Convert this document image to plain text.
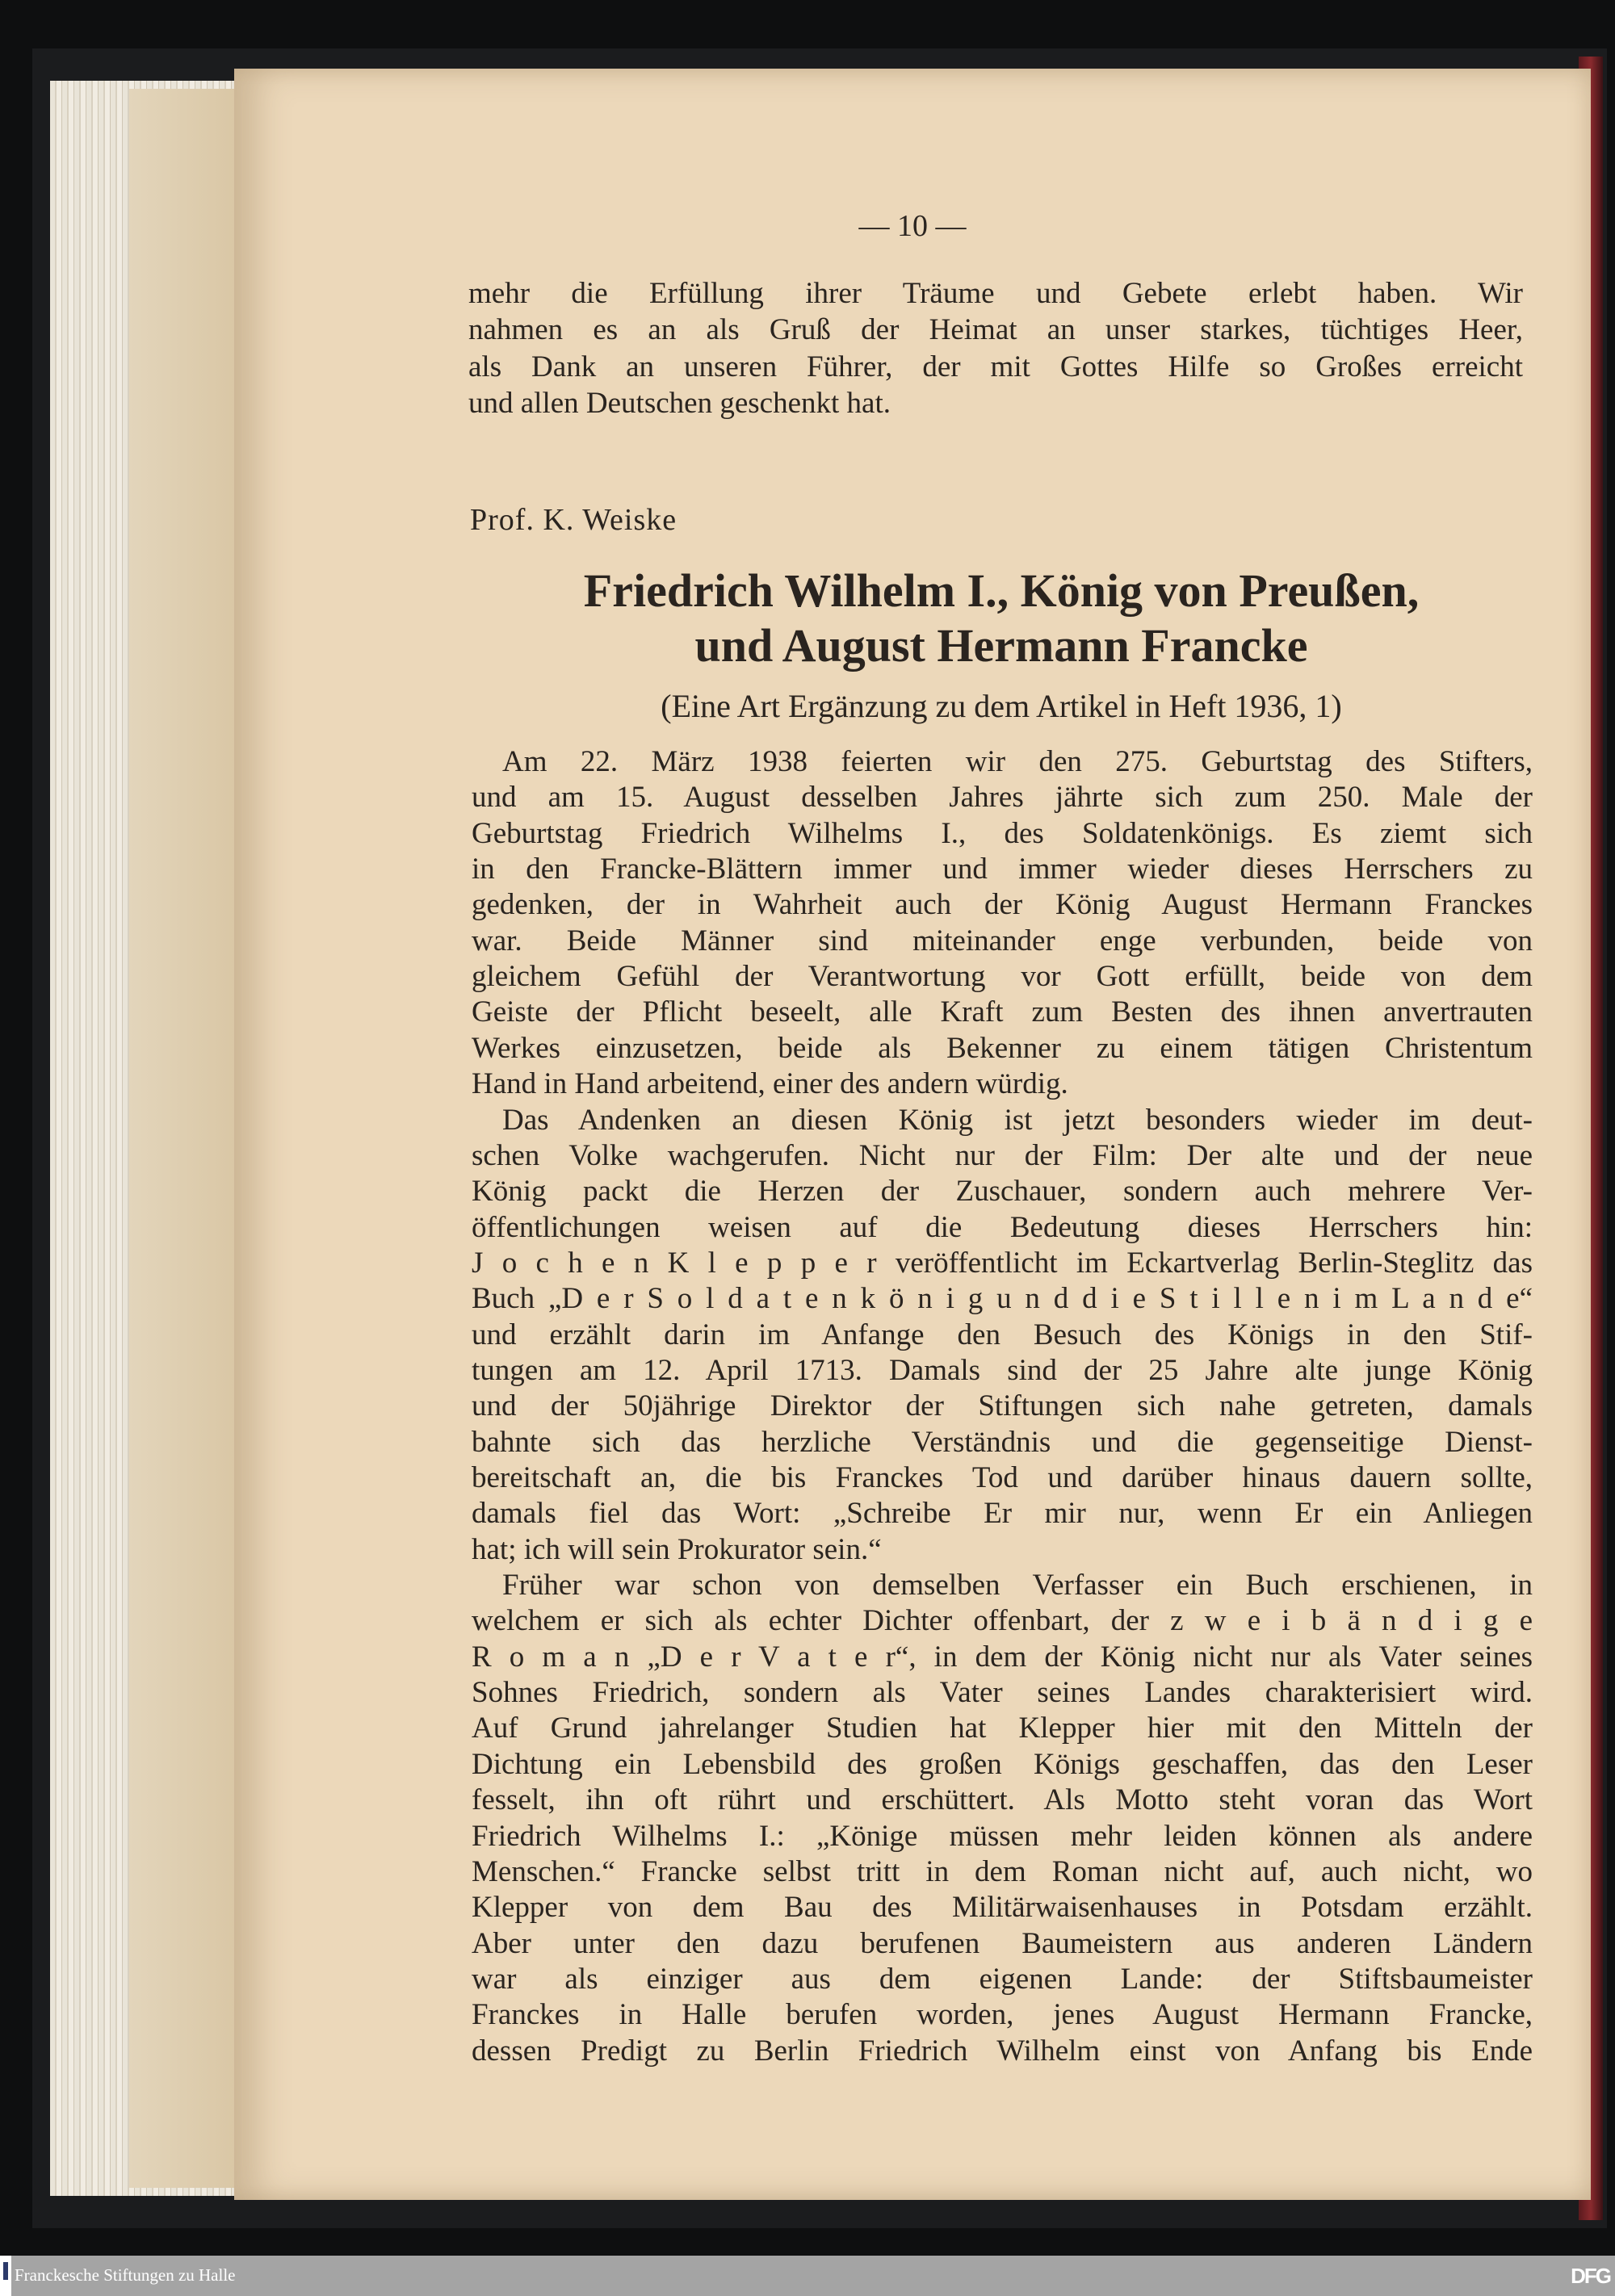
— 10 —
Prof. K. Weiske
Friedrich Wilhelm I., König von Preußen,
und August Hermann Francke
(Eine Art Ergänzung zu dem Artikel in Heft 1936, 1)
mehr die Erfüllung ihrer Träume und Gebete erlebt haben. Wir
nahmen es an als Gruß der Heimat an unser starkes, tüchtiges Heer,
als Dank an unseren Führer, der mit Gottes Hilfe so Großes erreicht
und allen Deutschen geschenkt hat.
Am 22. März 1938 feierten wir den 275. Geburtstag des Stifters,
und am 15. August desselben Jahres jährte sich zum 250. Male der
Geburtstag Friedrich Wilhelms I., des Soldatenkönigs. Es ziemt sich
in den Francke-Blättern immer und immer wieder dieses Herrschers zu
gedenken, der in Wahrheit auch der König August Hermann Franckes
war. Beide Männer sind miteinander enge verbunden, beide von
gleichem Gefühl der Verantwortung vor Gott erfüllt, beide von dem
Geiste der Pflicht beseelt, alle Kraft zum Besten des ihnen anvertrauten
Werkes einzusetzen, beide als Bekenner zu einem tätigen Christentum
Hand in Hand arbeitend, einer des andern würdig.
Das Andenken an diesen König ist jetzt besonders wieder im deut-
schen Volke wachgerufen. Nicht nur der Film: Der alte und der neue
König packt die Herzen der Zuschauer, sondern auch mehrere Ver-
öffentlichungen weisen auf die Bedeutung dieses Herrschers hin:
J o c h e n K l e p p e r veröffentlicht im Eckartverlag Berlin-Steglitz das
Buch „D e r S o l d a t e n k ö n i g u n d d i e S t i l l e n i m L a n d e“
und erzählt darin im Anfange den Besuch des Königs in den Stif-
tungen am 12. April 1713. Damals sind der 25 Jahre alte junge König
und der 50jährige Direktor der Stiftungen sich nahe getreten, damals
bahnte sich das herzliche Verständnis und die gegenseitige Dienst-
bereitschaft an, die bis Franckes Tod und darüber hinaus dauern sollte,
damals fiel das Wort: „Schreibe Er mir nur, wenn Er ein Anliegen
hat; ich will sein Prokurator sein.“
Früher war schon von demselben Verfasser ein Buch erschienen, in
welchem er sich als echter Dichter offenbart, der z w e i b ä n d i g e
R o m a n „D e r V a t e r“, in dem der König nicht nur als Vater seines
Sohnes Friedrich, sondern als Vater seines Landes charakterisiert wird.
Auf Grund jahrelanger Studien hat Klepper hier mit den Mitteln der
Dichtung ein Lebensbild des großen Königs geschaffen, das den Leser
fesselt, ihn oft rührt und erschüttert. Als Motto steht voran das Wort
Friedrich Wilhelms I.: „Könige müssen mehr leiden können als andere
Menschen.“ Francke selbst tritt in dem Roman nicht auf, auch nicht, wo
Klepper von dem Bau des Militärwaisenhauses in Potsdam erzählt.
Aber unter den dazu berufenen Baumeistern aus anderen Ländern
war als einziger aus dem eigenen Lande: der Stiftsbaumeister
Franckes in Halle berufen worden, jenes August Hermann Francke,
dessen Predigt zu Berlin Friedrich Wilhelm einst von Anfang bis Ende
Franckesche Stiftungen zu Halle	DFG
